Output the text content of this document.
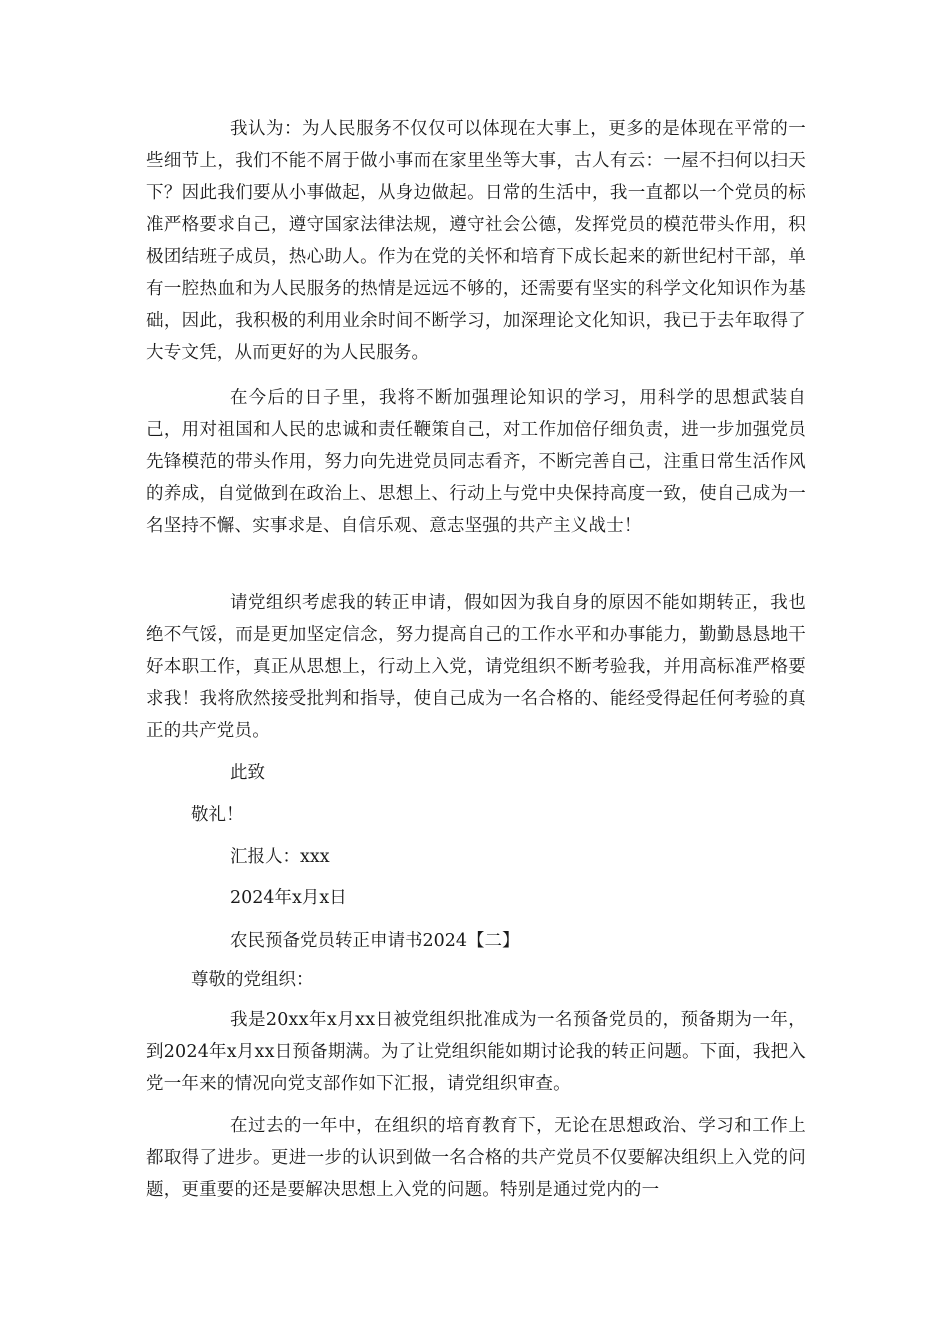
我认为：为人民服务不仅仅可以体现在大事上，更多的是体现在平常的一些细节上，我们不能不屑于做小事而在家里坐等大事，古人有云：一屋不扫何以扫天下？因此我们要从小事做起，从身边做起。日常的生活中，我一直都以一个党员的标准严格要求自己，遵守国家法律法规，遵守社会公德，发挥党员的模范带头作用，积极团结班子成员，热心助人。作为在党的关怀和培育下成长起来的新世纪村干部，单有一腔热血和为人民服务的热情是远远不够的，还需要有坚实的科学文化知识作为基础，因此，我积极的利用业余时间不断学习，加深理论文化知识，我已于去年取得了大专文凭，从而更好的为人民服务。

在今后的日子里，我将不断加强理论知识的学习，用科学的思想武装自己，用对祖国和人民的忠诚和责任鞭策自己，对工作加倍仔细负责，进一步加强党员先锋模范的带头作用，努力向先进党员同志看齐，不断完善自己，注重日常生活作风的养成，自觉做到在政治上、思想上、行动上与党中央保持高度一致，使自己成为一名坚持不懈、实事求是、自信乐观、意志坚强的共产主义战士！

请党组织考虑我的转正申请，假如因为我自身的原因不能如期转正，我也绝不气馁，而是更加坚定信念，努力提高自己的工作水平和办事能力，勤勤恳恳地干好本职工作，真正从思想上，行动上入党，请党组织不断考验我，并用高标准严格要求我！我将欣然接受批判和指导，使自己成为一名合格的、能经受得起任何考验的真正的共产党员。

此致

敬礼！

汇报人：xxx

2024年x月x日

农民预备党员转正申请书2024【二】

尊敬的党组织：

我是20xx年x月xx日被党组织批准成为一名预备党员的，预备期为一年，到2024年x月xx日预备期满。为了让党组织能如期讨论我的转正问题。下面，我把入党一年来的情况向党支部作如下汇报，请党组织审查。

在过去的一年中，在组织的培育教育下，无论在思想政治、学习和工作上都取得了进步。更进一步的认识到做一名合格的共产党员不仅要解决组织上入党的问题，更重要的还是要解决思想上入党的问题。特别是通过党内的一
